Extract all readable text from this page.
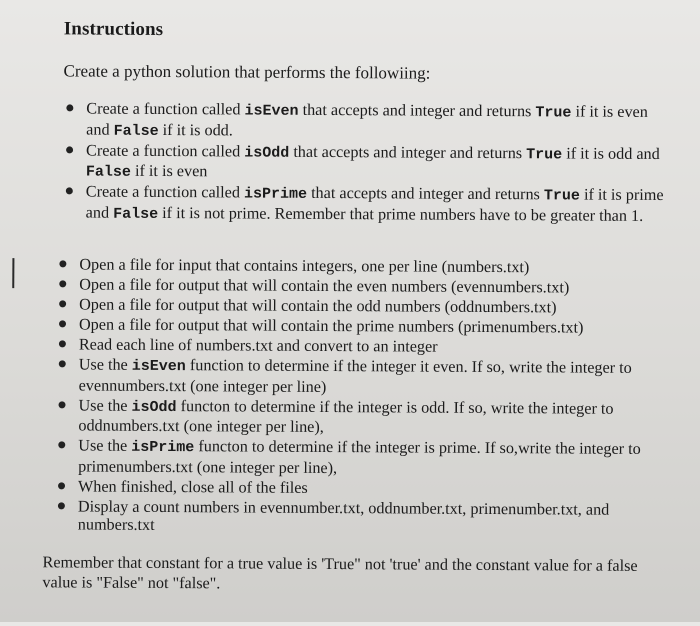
Instructions
Create a python solution that performs the followiing:
Create a function called isEven that accepts and integer and returns True if it is even and False if it is odd.
Create a function called isOdd that accepts and integer and returns True if it is odd and False if it is even
Create a function called isPrime that accepts and integer and returns True if it is prime and False if it is not prime. Remember that prime numbers have to be greater than 1.
Open a file for input that contains integers, one per line (numbers.txt)
Open a file for output that will contain the even numbers (evennumbers.txt)
Open a file for output that will contain the odd numbers (oddnumbers.txt)
Open a file for output that will contain the prime numbers (primenumbers.txt)
Read each line of numbers.txt and convert to an integer
Use the isEven function to determine if the integer it even. If so, write the integer to evennumbers.txt (one integer per line)
Use the isOdd functon to determine if the integer is odd. If so, write the integer to oddnumbers.txt (one integer per line),
Use the isPrime functon to determine if the integer is prime. If so,write the integer to primenumbers.txt (one integer per line),
When finished, close all of the files
Display a count numbers in evennumber.txt, oddnumber.txt, primenumber.txt, and numbers.txt
Remember that constant for a true value is 'True" not 'true' and the constant value for a false value is "False" not "false".
